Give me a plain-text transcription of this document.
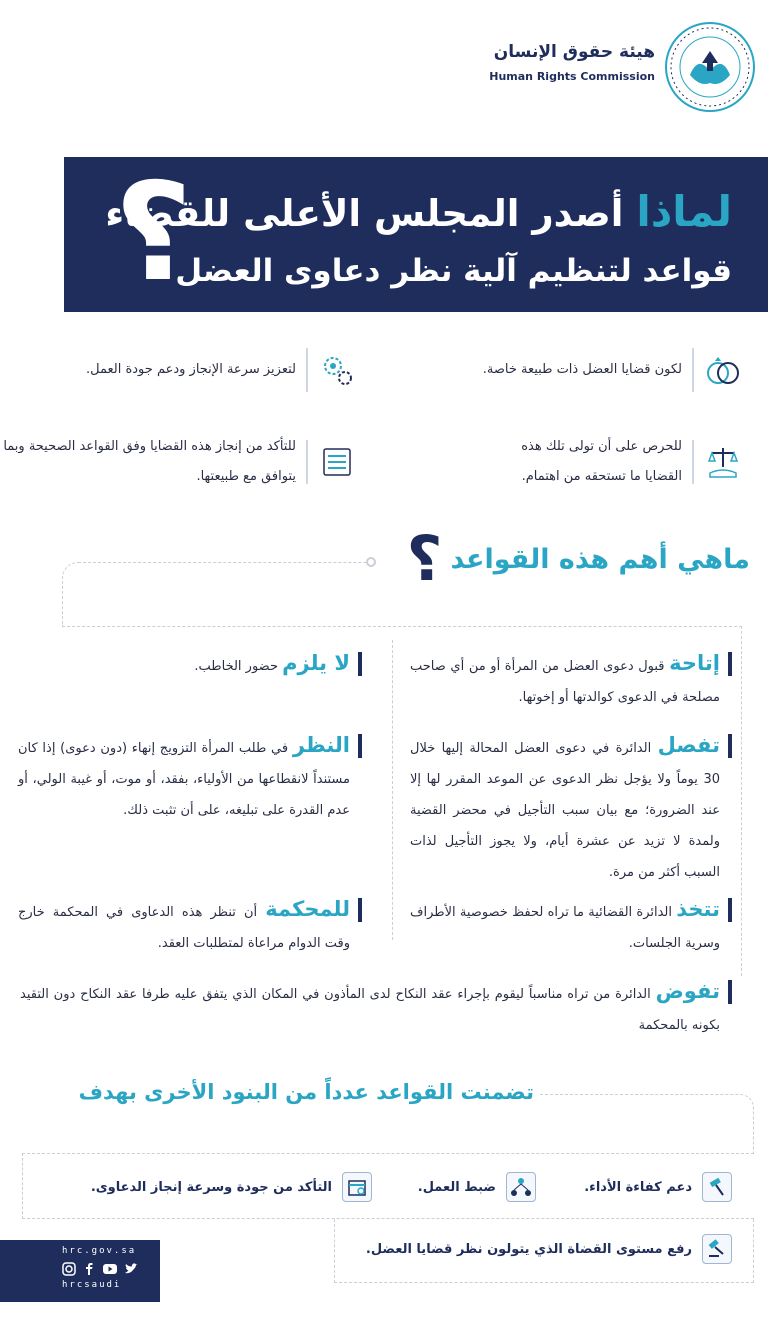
هيئة حقوق الإنسان
Human Rights Commission
؟	لماذا أصدر المجلس الأعلى للقضاء
قواعد لتنظيم آلية نظر دعاوى العضل
لكون قضايا العضل ذات طبيعة خاصة.
لتعزيز سرعة الإنجاز ودعم جودة العمل.
للحرص على أن تولى تلك هذه القضايا ما تستحقه من اهتمام.
للتأكد من إنجاز هذه القضايا وفق القواعد الصحيحة وبما يتوافق مع طبيعتها.
ماهي أهم هذه القواعد
؟
إتاحة قبول دعوى العضل من المرأة أو من أي صاحب مصلحة في الدعوى كوالدتها أو إخوتها.
تفصل الدائرة في دعوى العضل المحالة إليها خلال 30 يوماً ولا يؤجل نظر الدعوى عن الموعد المقرر لها إلا عند الضرورة؛ مع بيان سبب التأجيل في محضر القضية ولمدة لا تزيد عن عشرة أيام، ولا يجوز التأجيل لذات السبب أكثر من مرة.
تتخذ الدائرة القضائية ما تراه لحفظ خصوصية الأطراف وسرية الجلسات.
لا يلزم حضور الخاطب.
النظر في طلب المرأة التزويج إنهاء (دون دعوى) إذا كان مستنداً لانقطاعها من الأولياء، بفقد، أو موت، أو غيبة الولي، أو عدم القدرة على تبليغه، على أن تثبت ذلك.
للمحكمة أن تنظر هذه الدعاوى في المحكمة خارج وقت الدوام مراعاة لمتطلبات العقد.
تفوض الدائرة من تراه مناسباً ليقوم بإجراء عقد النكاح لدى المأذون في المكان الذي يتفق عليه طرفا عقد النكاح دون التقيد بكونه بالمحكمة
تضمنت القواعد عدداً من البنود الأخرى بهدف
دعم كفاءة الأداء.
ضبط العمل.
التأكد من جودة وسرعة إنجاز الدعاوى.
رفع مستوى القضاة الذي يتولون نظر قضايا العضل.
hrc.gov.sa
hrcsaudi
